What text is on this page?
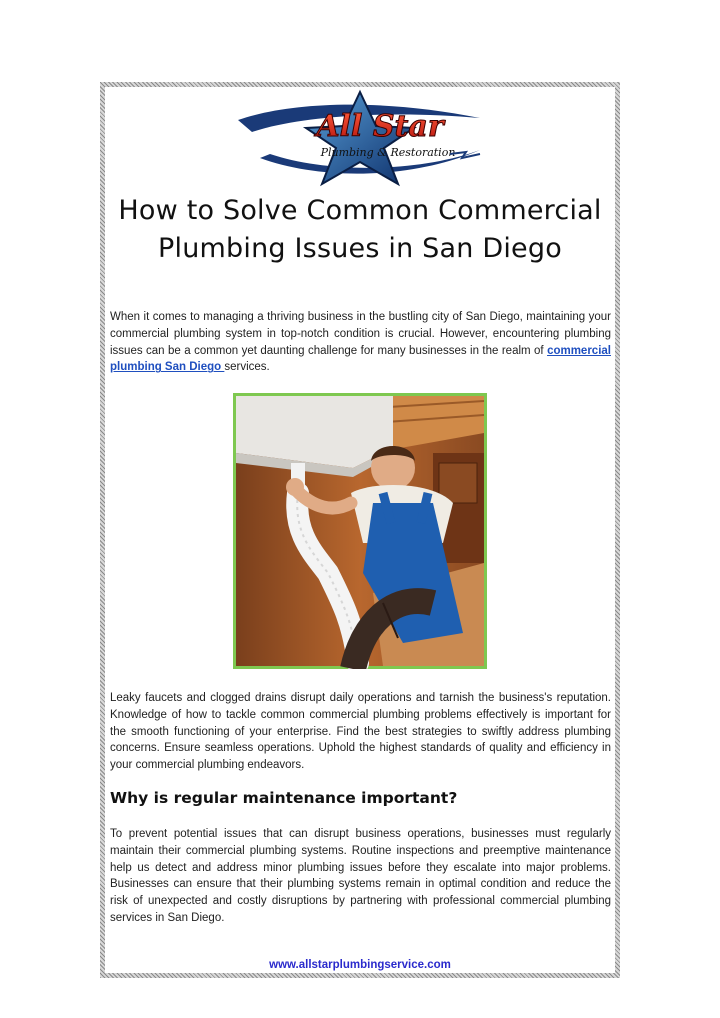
All Star
Plumbing & Restoration
How to Solve Common Commercial Plumbing Issues in San Diego

When it comes to managing a thriving business in the bustling city of San Diego, maintaining your commercial plumbing system in top-notch condition is crucial. However, encountering plumbing issues can be a common yet daunting challenge for many businesses in the realm of commercial plumbing San Diego services.

Leaky faucets and clogged drains disrupt daily operations and tarnish the business's reputation. Knowledge of how to tackle common commercial plumbing problems effectively is important for the smooth functioning of your enterprise. Find the best strategies to swiftly address plumbing concerns. Ensure seamless operations. Uphold the highest standards of quality and efficiency in your commercial plumbing endeavors.

Why is regular maintenance important?

To prevent potential issues that can disrupt business operations, businesses must regularly maintain their commercial plumbing systems. Routine inspections and preemptive maintenance help us detect and address minor plumbing issues before they escalate into major problems. Businesses can ensure that their plumbing systems remain in optimal condition and reduce the risk of unexpected and costly disruptions by partnering with professional commercial plumbing services in San Diego.

www.allstarplumbingservice.com
